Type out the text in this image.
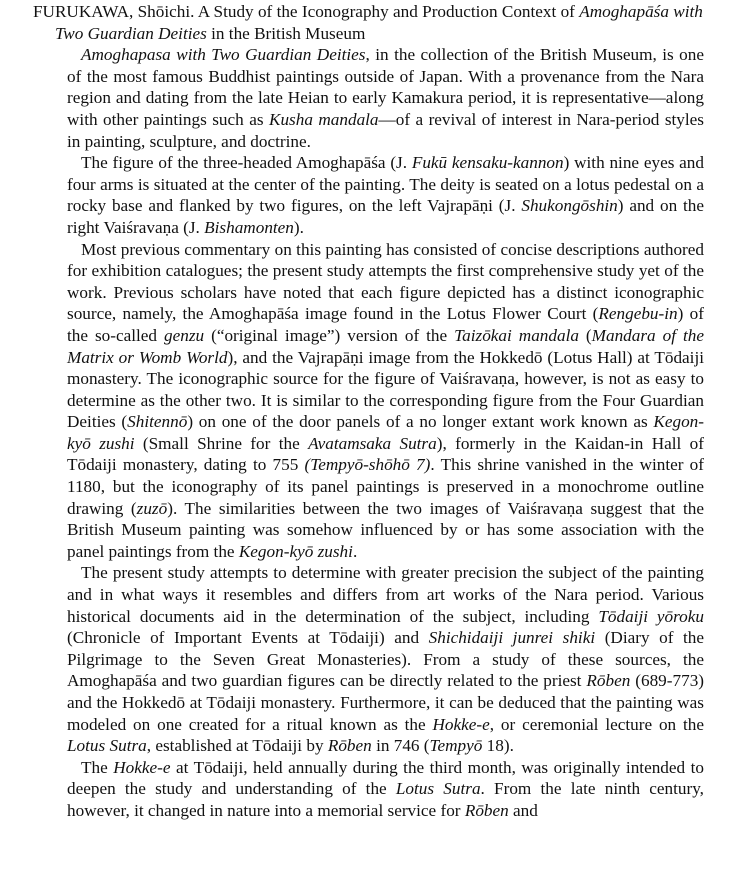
FURUKAWA, Shōichi. A Study of the Iconography and Production Context of Amoghapāśa with Two Guardian Deities in the British Museum

Amoghapasa with Two Guardian Deities, in the collection of the British Museum, is one of the most famous Buddhist paintings outside of Japan. With a provenance from the Nara region and dating from the late Heian to early Kamakura period, it is representative—along with other paintings such as Kusha mandala—of a revival of interest in Nara-period styles in painting, sculpture, and doctrine.

The figure of the three-headed Amoghapāśa (J. Fukū kensaku-kannon) with nine eyes and four arms is situated at the center of the painting. The deity is seated on a lotus pedestal on a rocky base and flanked by two figures, on the left Vajrapāṇi (J. Shukongōshin) and on the right Vaiśravaṇa (J. Bishamonten).

Most previous commentary on this painting has consisted of concise descriptions authored for exhibition catalogues; the present study attempts the first comprehensive study yet of the work. Previous scholars have noted that each figure depicted has a distinct iconographic source, namely, the Amoghapāśa image found in the Lotus Flower Court (Rengebu-in) of the so-called genzu (“original image”) version of the Taizōkai mandala (Mandara of the Matrix or Womb World), and the Vajrapāṇi image from the Hokkedō (Lotus Hall) at Tōdaiji monastery. The iconographic source for the figure of Vaiśravaṇa, however, is not as easy to determine as the other two. It is similar to the corresponding figure from the Four Guardian Deities (Shitennō) on one of the door panels of a no longer extant work known as Kegon-kyō zushi (Small Shrine for the Avatamsaka Sutra), formerly in the Kaidan-in Hall of Tōdaiji monastery, dating to 755 (Tempyō-shōhō 7). This shrine vanished in the winter of 1180, but the iconography of its panel paintings is preserved in a monochrome outline drawing (zuzō). The similarities between the two images of Vaiśravaṇa suggest that the British Museum painting was somehow influenced by or has some association with the panel paintings from the Kegon-kyō zushi.

The present study attempts to determine with greater precision the subject of the painting and in what ways it resembles and differs from art works of the Nara period. Various historical documents aid in the determination of the subject, including Tōdaiji yōroku (Chronicle of Important Events at Tōdaiji) and Shichidaiji junrei shiki (Diary of the Pilgrimage to the Seven Great Monasteries). From a study of these sources, the Amoghapāśa and two guardian figures can be directly related to the priest Rōben (689-773) and the Hokkedō at Tōdaiji monastery. Furthermore, it can be deduced that the painting was modeled on one created for a ritual known as the Hokke-e, or ceremonial lecture on the Lotus Sutra, established at Tōdaiji by Rōben in 746 (Tempyō 18).

The Hokke-e at Tōdaiji, held annually during the third month, was originally intended to deepen the study and understanding of the Lotus Sutra. From the late ninth century, however, it changed in nature into a memorial service for Rōben and
